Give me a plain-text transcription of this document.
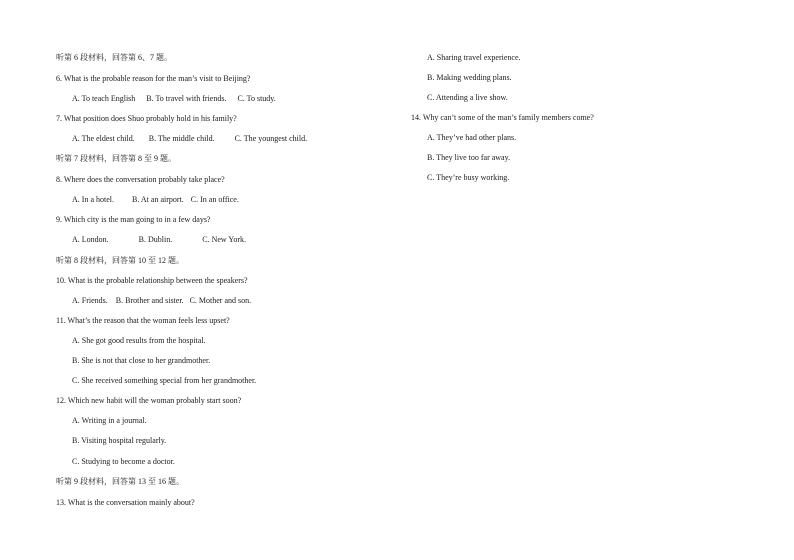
听第 6 段材料，回答第 6、7 题。
6. What is the probable reason for the man’s visit to Beijing?
A. To teach English B. To travel with friends. C. To study.
7. What position does Shuo probably hold in his family?
A. The eldest child. B. The middle child.	C. The youngest child.
听第 7 段材料，回答第 8 至 9 题。
8. Where does the conversation probably take place?
A. In a hotel. B. At an airport. C. In an office.
9. Which city is the man going to in a few days?
A. London.	B. Dublin.	C. New York.
听第 8 段材料，回答第 10 至 12 题。
10. What is the probable relationship between the speakers?
A. Friends. B. Brother and sister. C. Mother and son.
11. What’s the reason that the woman feels less upset?
A. She got good results from the hospital.
B. She is not that close to her grandmother.
C. She received something special from her grandmother.
12. Which new habit will the woman probably start soon?
A. Writing in a journal.
B. Visiting hospital regularly.
C. Studying to become a doctor.
听第 9 段材料，回答第 13 至 16 题。
13. What is the conversation mainly about?
A. Sharing travel experience.
B. Making wedding plans.
C. Attending a live show.
14. Why can’t some of the man’s family members come?
A. They’ve had other plans.
B. They live too far away.
C. They’re busy working.
